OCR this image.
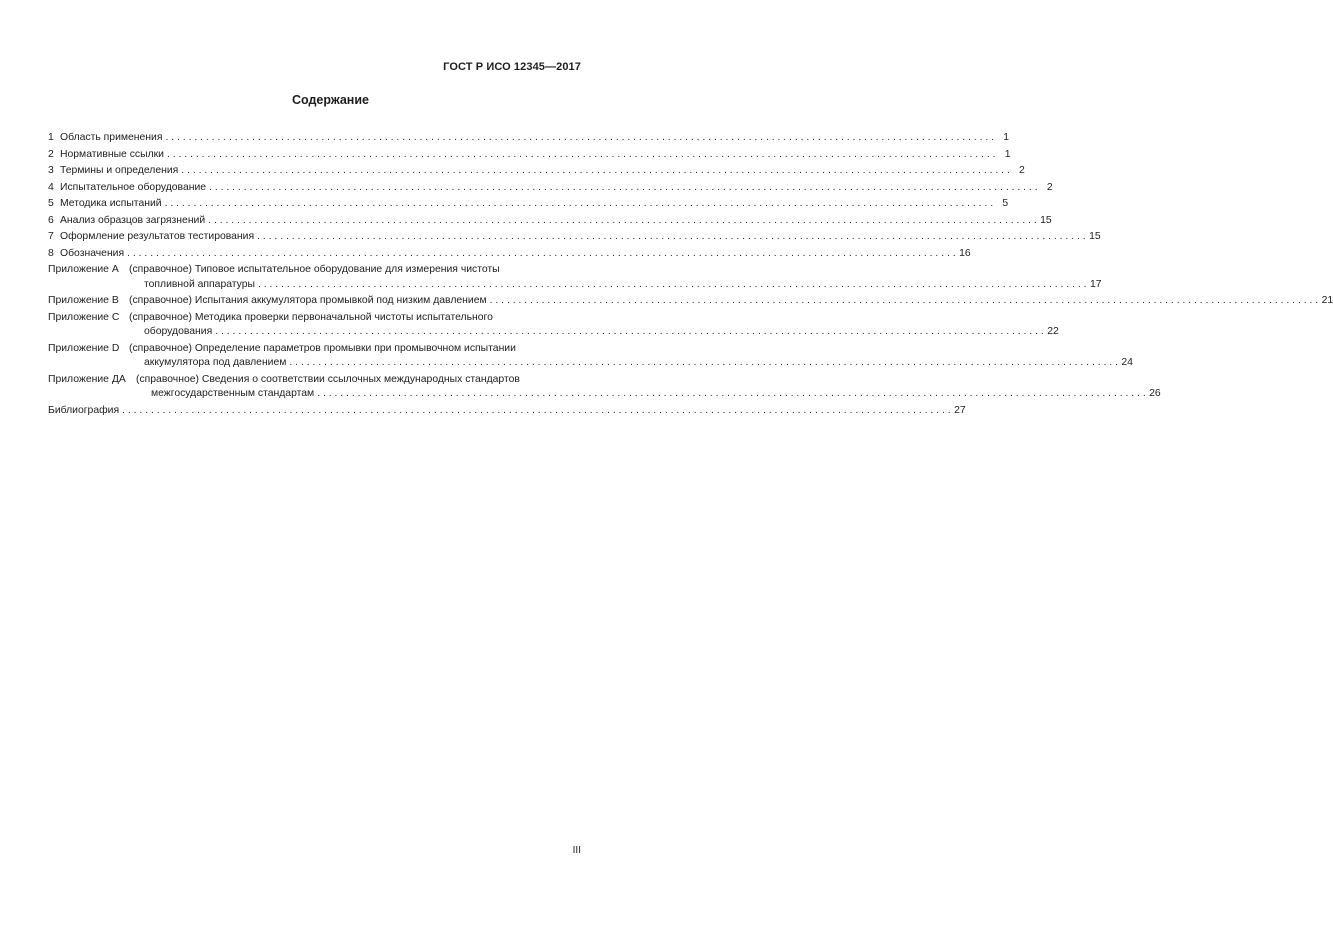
ГОСТ Р ИСО 12345—2017
Содержание
1 Область применения . . .	1
2 Нормативные ссылки . . .	1
3 Термины и определения . . .	2
4 Испытательное оборудование . . .	2
5 Методика испытаний . . .	5
6 Анализ образцов загрязнений . . .	15
7 Оформление результатов тестирования . . .	15
8 Обозначения . . .	16
Приложение А (справочное) Типовое испытательное оборудование для измерения чистоты
топливной аппаратуры . . .	17
Приложение В (справочное) Испытания аккумулятора промывкой под низким давлением . . .	21
Приложение С (справочное) Методика проверки первоначальной чистоты испытательного
оборудования . . .	22
Приложение D (справочное) Определение параметров промывки при промывочном испытании
аккумулятора под давлением . . .	24
Приложение ДА (справочное) Сведения о соответствии ссылочных международных стандартов
межгосударственным стандартам . . .	26
Библиография . . .	27
III
